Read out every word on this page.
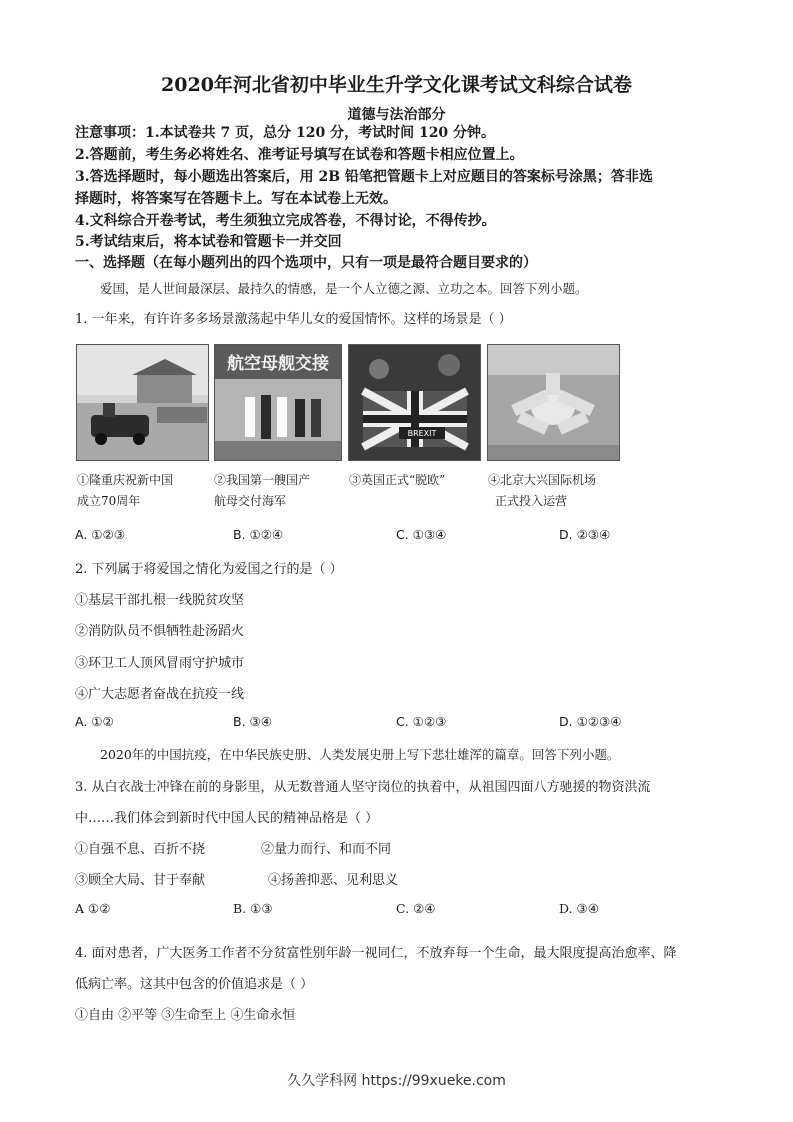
2020年河北省初中毕业生升学文化课考试文科综合试卷
道德与法治部分
注意事项：1.本试卷共 7 页，总分 120 分，考试时间 120 分钟。
2.答题前，考生务必将姓名、准考证号填写在试卷和答题卡相应位置上。
3.答选择题时，每小题选出答案后，用 2B 铅笔把管题卡上对应题目的答案标号涂黑；答非选
择题时，将答案写在答题卡上。写在本试卷上无效。
4.文科综合开卷考试，考生须独立完成答卷，不得讨论，不得传抄。
5.考试结束后，将本试卷和管题卡一并交回
一、选择题（在每小题列出的四个选项中，只有一项是最符合题目要求的）
爱国，是人世间最深层、最持久的情感，是一个人立德之源、立功之本。回答下列小题。
1. 一年来，有许许多多场景激荡起中华儿女的爱国情怀。这样的场景是（ ）
航空母舰交接
BREXIT
①隆重庆祝新中国
成立70周年
②我国第一艘国产
航母交付海军
③英国正式“脱欧”	④北京大兴国际机场
正式投入运营
A. ①②③	B. ①②④	C. ①③④	D. ②③④
2. 下列属于将爱国之情化为爱国之行的是（ ）
①基层干部扎根一线脱贫攻坚
②消防队员不惧牺牲赴汤蹈火
③环卫工人顶风冒雨守护城市
④广大志愿者奋战在抗疫一线
A. ①②	B. ③④	C. ①②③	D. ①②③④
2020年的中国抗疫，在中华民族史册、人类发展史册上写下悲壮雄浑的篇章。回答下列小题。
3. 从白衣战士冲锋在前的身影里，从无数普通人坚守岗位的执着中，从祖国四面八方驰援的物资洪流
中……我们体会到新时代中国人民的精神品格是（ ）
①自强不息、百折不挠	②量力而行、和而不同
③顾全大局、甘于奉献	④扬善抑恶、见利思义
A ①②	B. ①③	C. ②④	D. ③④
4. 面对患者，广大医务工作者不分贫富性别年龄一视同仁，不放弃每一个生命，最大限度提高治愈率、降
低病亡率。这其中包含的价值追求是（ ）
①自由 ②平等 ③生命至上 ④生命永恒
久久学科网 https://99xueke.com
